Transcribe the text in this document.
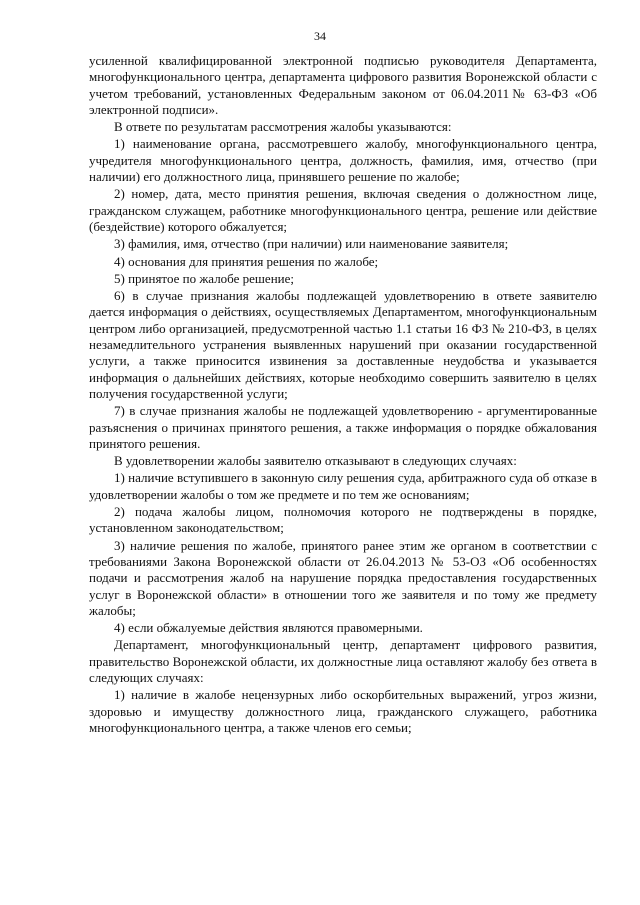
34

усиленной квалифицированной электронной подписью руководителя Департамента, многофункционального центра, департамента цифрового развития Воронежской области с учетом требований, установленных Федеральным законом от 06.04.2011№ 63-ФЗ «Об электронной подписи».

В ответе по результатам рассмотрения жалобы указываются:

1) наименование органа, рассмотревшего жалобу, многофункционального центра, учредителя многофункционального центра, должность, фамилия, имя, отчество (при наличии) его должностного лица, принявшего решение по жалобе;

2) номер, дата, место принятия решения, включая сведения о должностном лице, гражданском служащем, работнике многофункционального центра, решение или действие (бездействие) которого обжалуется;

3) фамилия, имя, отчество (при наличии) или наименование заявителя;

4) основания для принятия решения по жалобе;

5) принятое по жалобе решение;

6) в случае признания жалобы подлежащей удовлетворению в ответе заявителю дается информация о действиях, осуществляемых Департаментом, многофункциональным центром либо организацией, предусмотренной частью 1.1 статьи 16 ФЗ № 210-ФЗ, в целях незамедлительного устранения выявленных нарушений при оказании государственной услуги, а также приносится извинения за доставленные неудобства и указывается информация о дальнейших действиях, которые необходимо совершить заявителю в целях получения государственной услуги;

7) в случае признания жалобы не подлежащей удовлетворению - аргументированные разъяснения о причинах принятого решения, а также информация о порядке обжалования принятого решения.

В удовлетворении жалобы заявителю отказывают в следующих случаях:

1) наличие вступившего в законную силу решения суда, арбитражного суда об отказе в удовлетворении жалобы о том же предмете и по тем же основаниям;

2) подача жалобы лицом, полномочия которого не подтверждены в порядке, установленном законодательством;

3) наличие решения по жалобе, принятого ранее этим же органом в соответствии с требованиями Закона Воронежской области от 26.04.2013 № 53-ОЗ «Об особенностях подачи и рассмотрения жалоб на нарушение порядка предоставления государственных услуг в Воронежской области» в отношении того же заявителя и по тому же предмету жалобы;

4) если обжалуемые действия являются правомерными.

Департамент, многофункциональный центр, департамент цифрового развития, правительство Воронежской области, их должностные лица оставляют жалобу без ответа в следующих случаях:

1) наличие в жалобе нецензурных либо оскорбительных выражений, угроз жизни, здоровью и имуществу должностного лица, гражданского служащего, работника многофункционального центра, а также членов его семьи;
